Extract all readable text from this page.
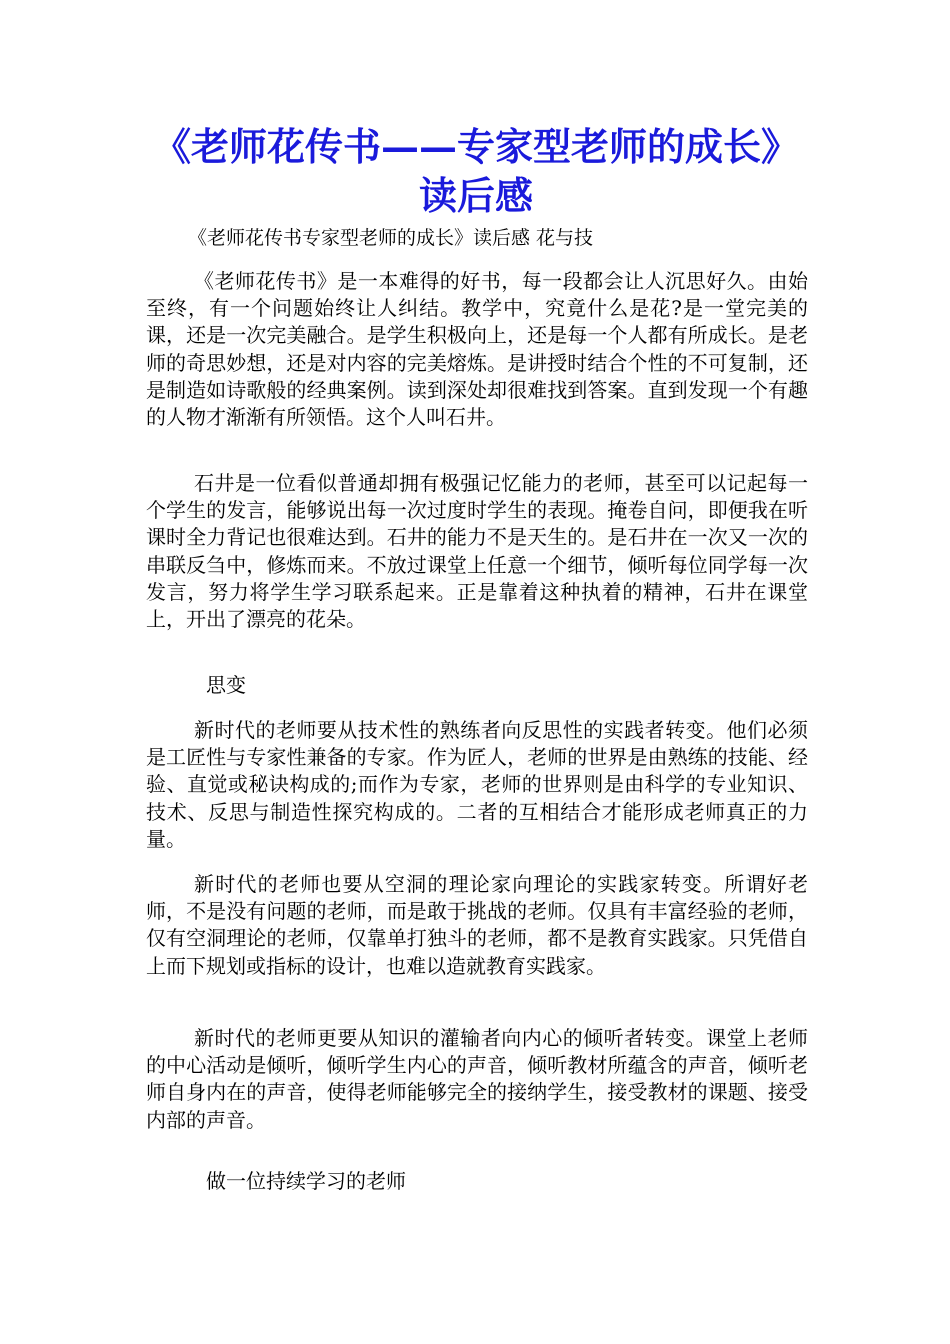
《老师花传书——专家型老师的成长》读后感

《老师花传书专家型老师的成长》读后感 花与技

《老师花传书》是一本难得的好书，每一段都会让人沉思好久。由始至终，有一个问题始终让人纠结。教学中，究竟什么是花?是一堂完美的课，还是一次完美融合。是学生积极向上，还是每一个人都有所成长。是老师的奇思妙想，还是对内容的完美熔炼。是讲授时结合个性的不可复制，还是制造如诗歌般的经典案例。读到深处却很难找到答案。直到发现一个有趣的人物才渐渐有所领悟。这个人叫石井。

石井是一位看似普通却拥有极强记忆能力的老师，甚至可以记起每一个学生的发言，能够说出每一次过度时学生的表现。掩卷自问，即便我在听课时全力背记也很难达到。石井的能力不是天生的。是石井在一次又一次的串联反刍中，修炼而来。不放过课堂上任意一个细节，倾听每位同学每一次发言，努力将学生学习联系起来。正是靠着这种执着的精神，石井在课堂上，开出了漂亮的花朵。

思变

新时代的老师要从技术性的熟练者向反思性的实践者转变。他们必须是工匠性与专家性兼备的专家。作为匠人，老师的世界是由熟练的技能、经验、直觉或秘诀构成的;而作为专家，老师的世界则是由科学的专业知识、技术、反思与制造性探究构成的。二者的互相结合才能形成老师真正的力量。

新时代的老师也要从空洞的理论家向理论的实践家转变。所谓好老师，不是没有问题的老师，而是敢于挑战的老师。仅具有丰富经验的老师，仅有空洞理论的老师，仅靠单打独斗的老师，都不是教育实践家。只凭借自上而下规划或指标的设计，也难以造就教育实践家。

新时代的老师更要从知识的灌输者向内心的倾听者转变。课堂上老师的中心活动是倾听，倾听学生内心的声音，倾听教材所蕴含的声音，倾听老师自身内在的声音，使得老师能够完全的接纳学生，接受教材的课题、接受内部的声音。

做一位持续学习的老师
